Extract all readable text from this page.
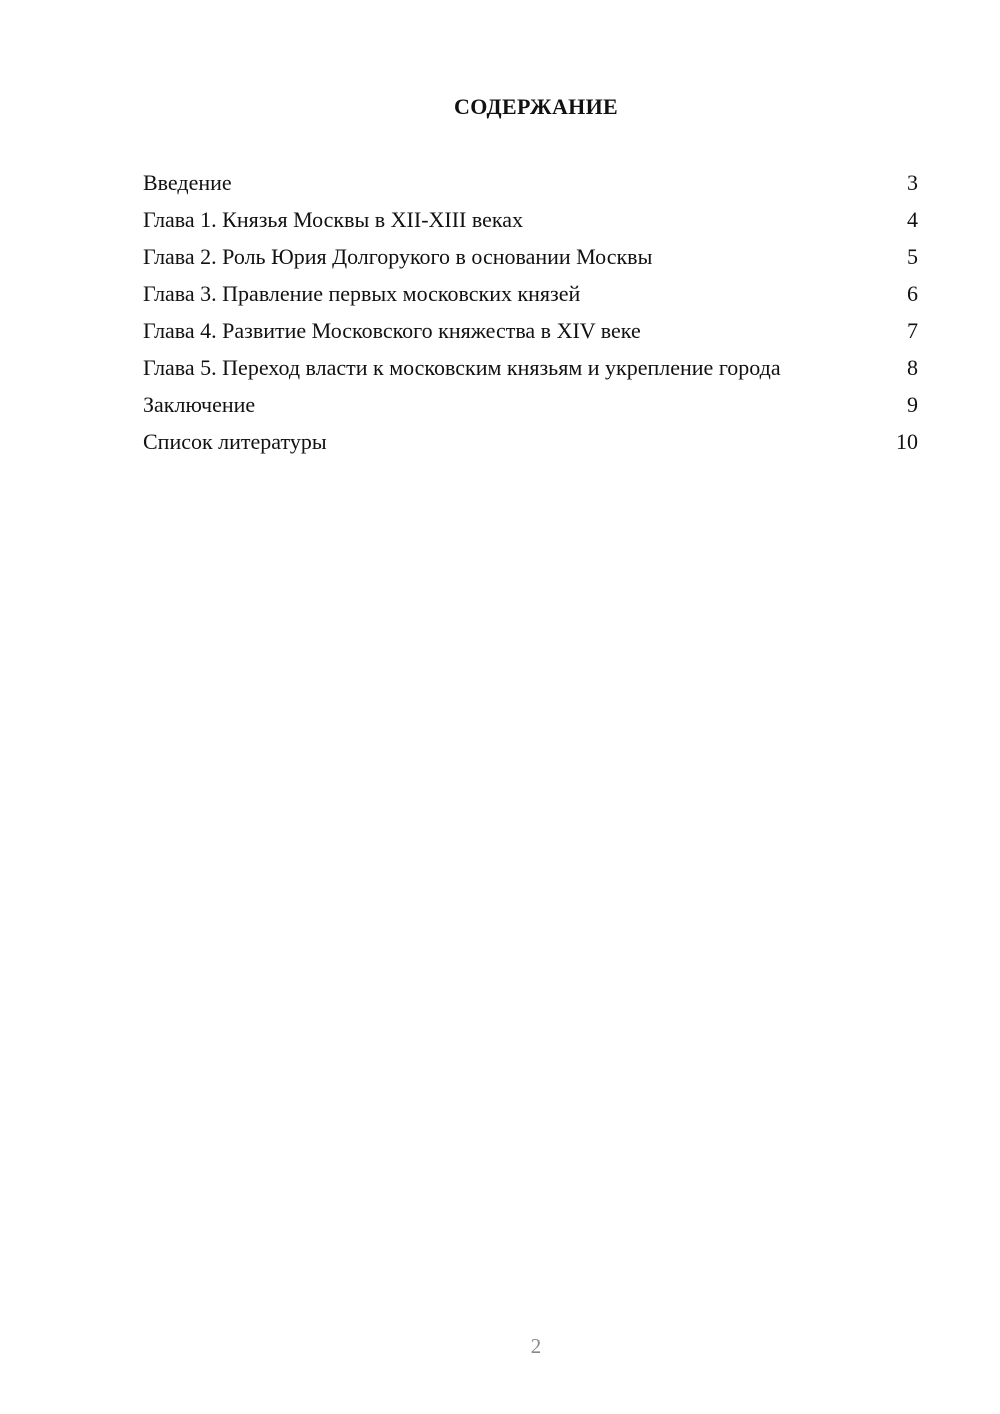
СОДЕРЖАНИЕ
Введение	3
Глава 1. Князья Москвы в XII-XIII веках	4
Глава 2. Роль Юрия Долгорукого в основании Москвы	5
Глава 3. Правление первых московских князей	6
Глава 4. Развитие Московского княжества в XIV веке	7
Глава 5. Переход власти к московским князьям и укрепление города	8
Заключение	9
Список литературы	10
2
